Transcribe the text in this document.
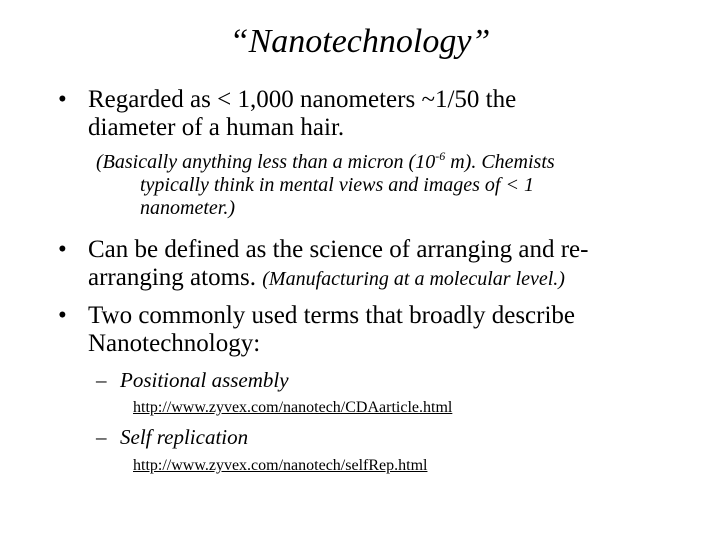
“Nanotechnology”
• Regarded as < 1,000 nanometers ~1/50 the
diameter of a human hair.
(Basically anything less than a micron ($10^{-6}$ m). Chemists
typically think in mental views and images of < 1
nanometer.)
• Can be defined as the science of arranging and re-
arranging atoms. (Manufacturing at a molecular level.)
• Two commonly used terms that broadly describe
Nanotechnology:
– Positional assembly
http://www.zyvex.com/nanotech/CDAarticle.html
– Self replication
http://www.zyvex.com/nanotech/selfRep.html
